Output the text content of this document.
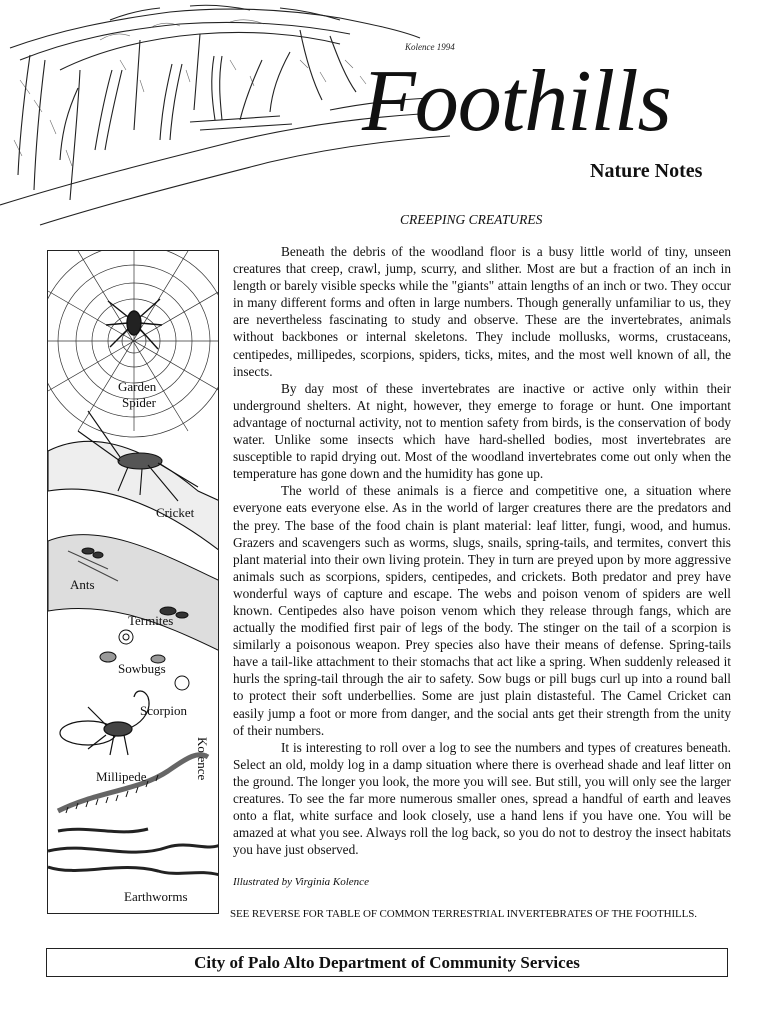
Kolence 1994
Foothills
Nature Notes
CREEPING CREATURES
Garden
Spider
Cricket
Ants
Termites
Sowbugs
Scorpion
Kolence
Millipede
Earthworms

Beneath the debris of the woodland floor is a busy little world of tiny, unseen creatures that creep, crawl, jump, scurry, and slither. Most are but a fraction of an inch in length or barely visible specks while the "giants" attain lengths of an inch or two. They occur in many different forms and often in large numbers. Though generally unfamiliar to us, they are nevertheless fascinating to study and observe. These are the invertebrates, animals without backbones or internal skeletons. They include mollusks, worms, crustaceans, centipedes, millipedes, scorpions, spiders, ticks, mites, and the most well known of all, the insects.

By day most of these invertebrates are inactive or active only within their underground shelters. At night, however, they emerge to forage or hunt. One important advantage of nocturnal activity, not to mention safety from birds, is the conservation of body water. Unlike some insects which have hard-shelled bodies, most invertebrates are susceptible to rapid drying out. Most of the woodland invertebrates come out only when the temperature has gone down and the humidity has gone up.

The world of these animals is a fierce and competitive one, a situation where everyone eats everyone else. As in the world of larger creatures there are the predators and the prey. The base of the food chain is plant material: leaf litter, fungi, wood, and humus. Grazers and scavengers such as worms, slugs, snails, spring-tails, and termites, convert this plant material into their own living protein. They in turn are preyed upon by more aggressive animals such as scorpions, spiders, centipedes, and crickets. Both predator and prey have wonderful ways of capture and escape. The webs and poison venom of spiders are well known. Centipedes also have poison venom which they release through fangs, which are actually the modified first pair of legs of the body. The stinger on the tail of a scorpion is similarly a poisonous weapon. Prey species also have their means of defense. Spring-tails have a tail-like attachment to their stomachs that act like a spring. When suddenly released it hurls the spring-tail through the air to safety. Sow bugs or pill bugs curl up into a round ball to protect their soft underbellies. Some are just plain distasteful. The Camel Cricket can easily jump a foot or more from danger, and the social ants get their strength from the unity of their numbers.

It is interesting to roll over a log to see the numbers and types of creatures beneath. Select an old, moldy log in a damp situation where there is overhead shade and leaf litter on the ground. The longer you look, the more you will see. But still, you will only see the larger creatures. To see the far more numerous smaller ones, spread a handful of earth and leaves onto a flat, white surface and look closely, use a hand lens if you have one. You will be amazed at what you see. Always roll the log back, so you do not to destroy the insect habitats you have just observed.

Illustrated by Virginia Kolence

SEE REVERSE FOR TABLE OF COMMON TERRESTRIAL INVERTEBRATES OF THE FOOTHILLS.

City of Palo Alto Department of Community Services
